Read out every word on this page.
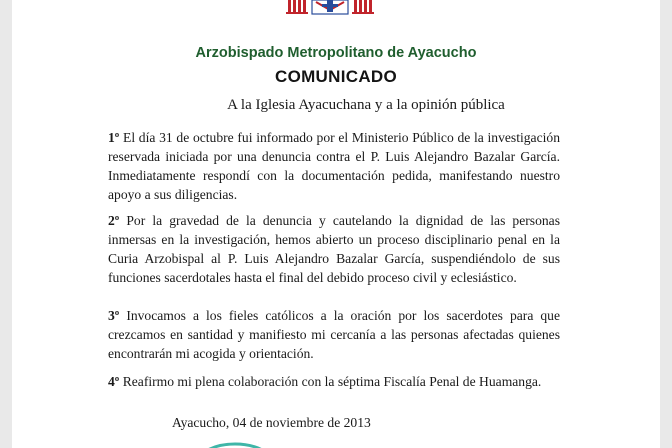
Arzobispado Metropolitano de Ayacucho
COMUNICADO
A la Iglesia Ayacuchana y a la opinión pública

1º El día 31 de octubre fui informado por el Ministerio Público de la investigación reservada iniciada por una denuncia contra el P. Luis Alejandro Bazalar García. Inmediatamente respondí con la documentación pedida, manifestando nuestro apoyo a sus diligencias.

2º Por la gravedad de la denuncia y cautelando la dignidad de las personas inmersas en la investigación, hemos abierto un proceso disciplinario penal en la Curia Arzobispal al P. Luis Alejandro Bazalar García, suspendiéndolo de sus funciones sacerdotales hasta el final del debido proceso civil y eclesiástico.

3º Invocamos a los fieles católicos a la oración por los sacerdotes para que crezcamos en santidad y manifiesto mi cercanía a las personas afectadas quienes encontrarán mi acogida y orientación.

4º Reafirmo mi plena colaboración con la séptima Fiscalía Penal de Huamanga.

Ayacucho, 04 de noviembre de 2013
